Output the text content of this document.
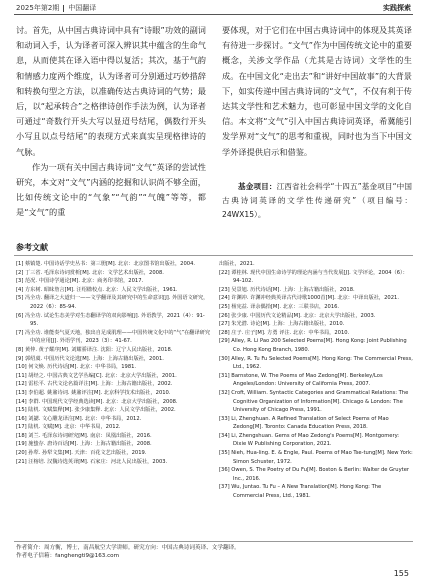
2025年第2期 中国翻译	实践探索

讨。首先，从中国古典诗词中具有“诗眼”功效的副词和动词入手，认为译者可深入辨识其中蕴含的生命气息，从而使其在译入语中得以复活；其次，基于气韵和情感力度两个维度，认为译者可分别通过巧妙措辞和转换句型之方法，以准确传达古典诗词的气势；最后，以“起承转合”之格律诗创作手法为例，认为译者可通过“奇数行开头大写以显迢号结尾，偶数行开头小写且以点号结尾”的表现方式来真实呈现格律诗的气脉。

作为一项有关中国古典诗词“文气”英译的尝试性研究，本文对“文气”内涵的挖掘和认识尚不够全面，比如传统文论中的“气象”“气韵”“气魄”等等，都是“文气”的重

要体现，对于它们在中国古典诗词中的体现及其英译有待进一步探讨。“文气”作为中国传统文论中的重要概念，关涉文学作品（尤其是古诗词）文学性的生成。在中国文化“走出去”和“讲好中国故事”的大背景下，如实传递中国古典诗词的“文气”，不仅有利于传达其文学性和艺术魅力，也可彰显中国文学的文化自信。本文将“文气”引入中国古典诗词英译，希冀能引发学界对“文气”的思考和重视，同时也为当下中国文学外译提供启示和借鉴。

基金项目：江西省社会科学“十四五”基金项目“中国古典诗词英译的文学性传递研究”（项目编号：24WX15）。

参考文献
[1] 蔡镇楚. 中国诗话学史丛书：第三册[M]. 北京：北京图书馆出版社，2004.
[2] 丁三省. 毛泽东诗词赏析[M]. 北京：文学艺术出版社，2008.
[3] 范况. 中国诗学通论[M]. 北京：商务印书馆，2017.
[4] 方东树. 昭昧詹言[M]. 汪绍楹校点. 北京：人民文学出版社，1961.
[5] 冯全功. 翻译之大道归一——文学翻译及其研究中的生命意识[J]. 外国语文研究，2022（6）：85-94.
[6] 冯全功. 试论生态美学对生态翻译学的双向影响[J]. 外语教学，2021（4）：91-95.
[7] 冯全功. 谁能奏气夏天地，独出自足成肌理——中国传统文化中的“气”在翻译研究中的应用[J]. 外语学刊，2023（3）：41-67.
[8] 黄仲. 黄子耀序[M]. 刘耀骄译注. 沈阳：辽宁人民出版社，2018.
[9] 郭绍虞. 中国历代文论选[M]. 上海：上海古籍出版社，2001.
[10] 何文焕. 历代诗话[M]. 北京：中华书局，1981.
[11] 胡经之. 中国古典文艺学丛编[C]. 北京：北京大学出版社，2001.
[12] 雷松平. 古代文论名篇详注[M]. 上海：上海古籍出版社，2002.
[13] 李伯超. 姚鼐诗词. 姚鼐评注[M]. 北京科学技术出版社，2010.
[14] 李群. 中国现代文学经典选读[M]. 北京：北京大学出版社，2008.
[15] 陆机. 文赋集释[M]. 张少康集释. 北京：人民文学出版社，2002.
[16] 刘勰. 文心雕龙译注[M]. 北京：中华书局，2012.
[17] 陆机. 文赋[M]. 北京：中华书局，2012.
[18] 刘兰. 毛泽东诗词研究[M]. 南京：凤凰出版社，2016.
[19] 施蛰存. 唐诗百话[M]. 上海：上海古籍出版社，2008.
[20] 孙犁. 孙犁文集[M]. 天津：百花文艺出版社，2019.
[21] 汪榕培. 汉魏诗选英译[M]. 石家庄：河北人民出版社，2003.
出版社，2021.
[22] 谭桂林. 现代中国生命诗学的理论内涵与当代发展[J]. 文学评论，2004（6）：94-102.
[23] 吴景旭. 历代诗话[M]. 上海：上海古籍出版社，2018.
[24] 许渊冲. 许渊冲经典英译古代诗歌1000首[M]. 北京：中译出版社，2021.
[25] 杨宪益. 译余偶拾[M]. 北京：三联书店，2016.
[26] 张少康. 中国历代文论精品[M]. 北京：北京大学出版社，2003.
[27] 朱光潜. 诗论[M]. 上海：上海古籍出版社，2010.
[28] 庄子. 庄子[M]. 方勇 评注. 北京：中华书局，2010.
[29] Alley, R. Li Pao 200 Selected Poems[M]. Hong Kong: Joint Publishing Co. Hong Kong Branch, 1980.
[30] Alley, R. Tu Fu Selected Poems[M]. Hong Kong: The Commercial Press, Ltd., 1962.
[31] Barnstone, W. The Poems of Mao Zedong[M]. Berkeley/Los Angeles/London: University of California Press, 2007.
[32] Croft, William. Syntactic Categories and Grammatical Relations: The Cognitive Organization of Information[M]. Chicago & London: The University of Chicago Press, 1991.
[33] Li, Zhenghuan. A Refined Translation of Select Poems of Mao Zedong[M]. Toronto: Canada Education Press, 2018.
[34] Li, Zhengshuan. Gems of Mao Zedong's Poems[M]. Montgomery: Dixie W Publishing Corporation, 2021.
[35] Nieh, Hua-ling. E. & Engle, Paul. Poems of Mao Tse-tung[M]. New York: Simon Schuster, 1972.
[36] Owen, S. The Poetry of Du Fu[M]. Boston & Berlin: Walter de Gruyter Inc., 2016.
[37] Wu, Juntao. Tu Fu – A New Translation[M]. Hong Kong: The Commercial Press, Ltd., 1981.
作者简介：周方衡，博士，南昌航空大学讲师。研究方向：中国古典诗词英译、文学翻译。
作者电子信箱：fanghengti9@163.com
155
